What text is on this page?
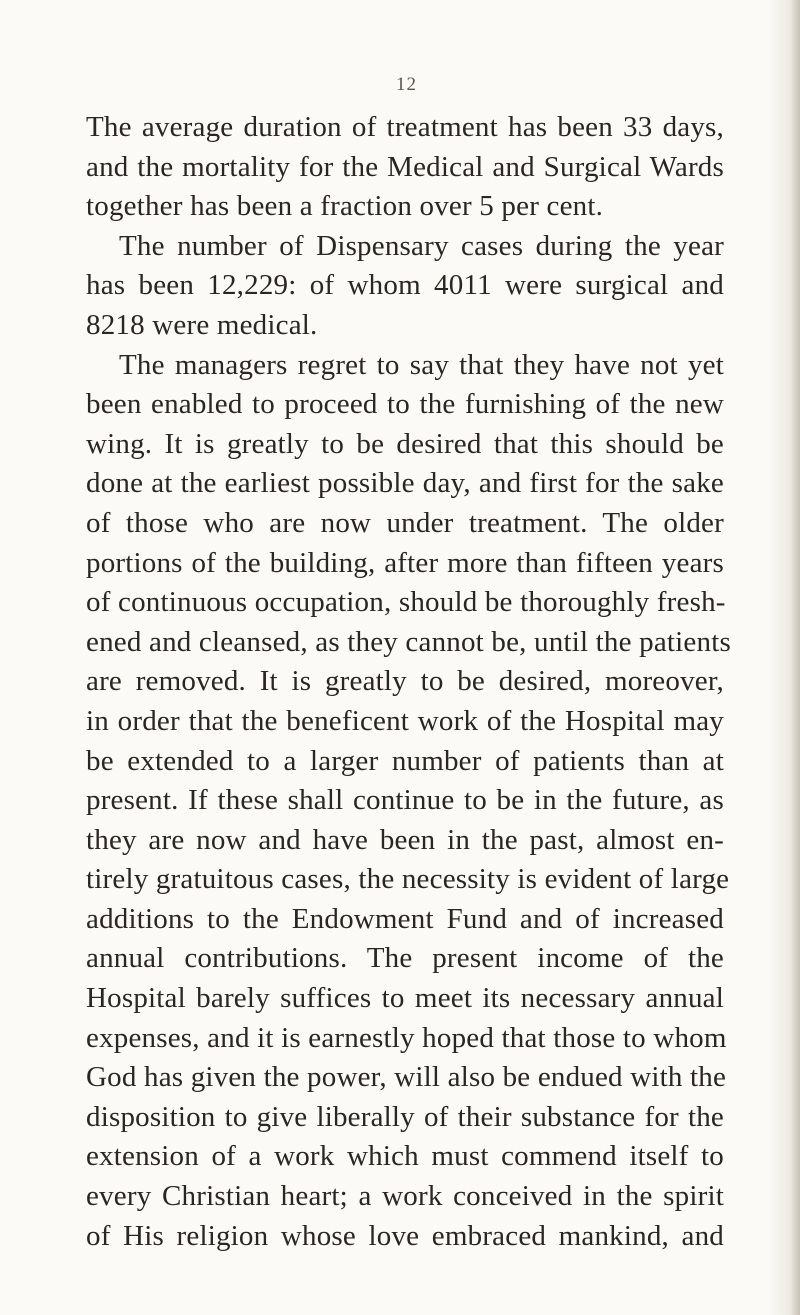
12
The average duration of treatment has been 33 days,
and the mortality for the Medical and Surgical Wards
together has been a fraction over 5 per cent.
The number of Dispensary cases during the year
has been 12,229: of whom 4011 were surgical and
8218 were medical.
The managers regret to say that they have not yet
been enabled to proceed to the furnishing of the new
wing. It is greatly to be desired that this should be
done at the earliest possible day, and first for the sake
of those who are now under treatment. The older
portions of the building, after more than fifteen years
of continuous occupation, should be thoroughly fresh-
ened and cleansed, as they cannot be, until the patients
are removed. It is greatly to be desired, moreover,
in order that the beneficent work of the Hospital may
be extended to a larger number of patients than at
present. If these shall continue to be in the future, as
they are now and have been in the past, almost en-
tirely gratuitous cases, the necessity is evident of large
additions to the Endowment Fund and of increased
annual contributions. The present income of the
Hospital barely suffices to meet its necessary annual
expenses, and it is earnestly hoped that those to whom
God has given the power, will also be endued with the
disposition to give liberally of their substance for the
extension of a work which must commend itself to
every Christian heart; a work conceived in the spirit
of His religion whose love embraced mankind, and
